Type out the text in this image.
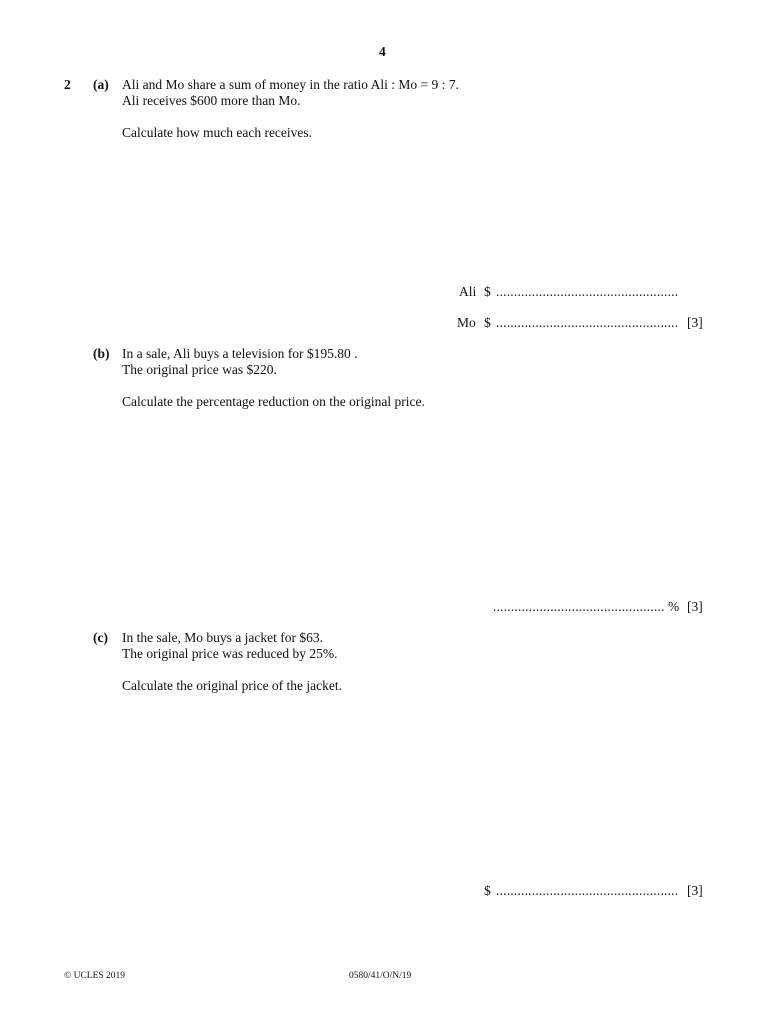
4
2 (a) Ali and Mo share a sum of money in the ratio Ali : Mo = 9 : 7.
Ali receives $600 more than Mo.
Calculate how much each receives.
Ali $ ...................................................
Mo $ ................................................... [3]
(b) In a sale, Ali buys a television for $195.80 .
The original price was $220.
Calculate the percentage reduction on the original price.
................................................ % [3]
(c) In the sale, Mo buys a jacket for $63.
The original price was reduced by 25%.
Calculate the original price of the jacket.
$ ................................................... [3]
© UCLES 2019	0580/41/O/N/19
